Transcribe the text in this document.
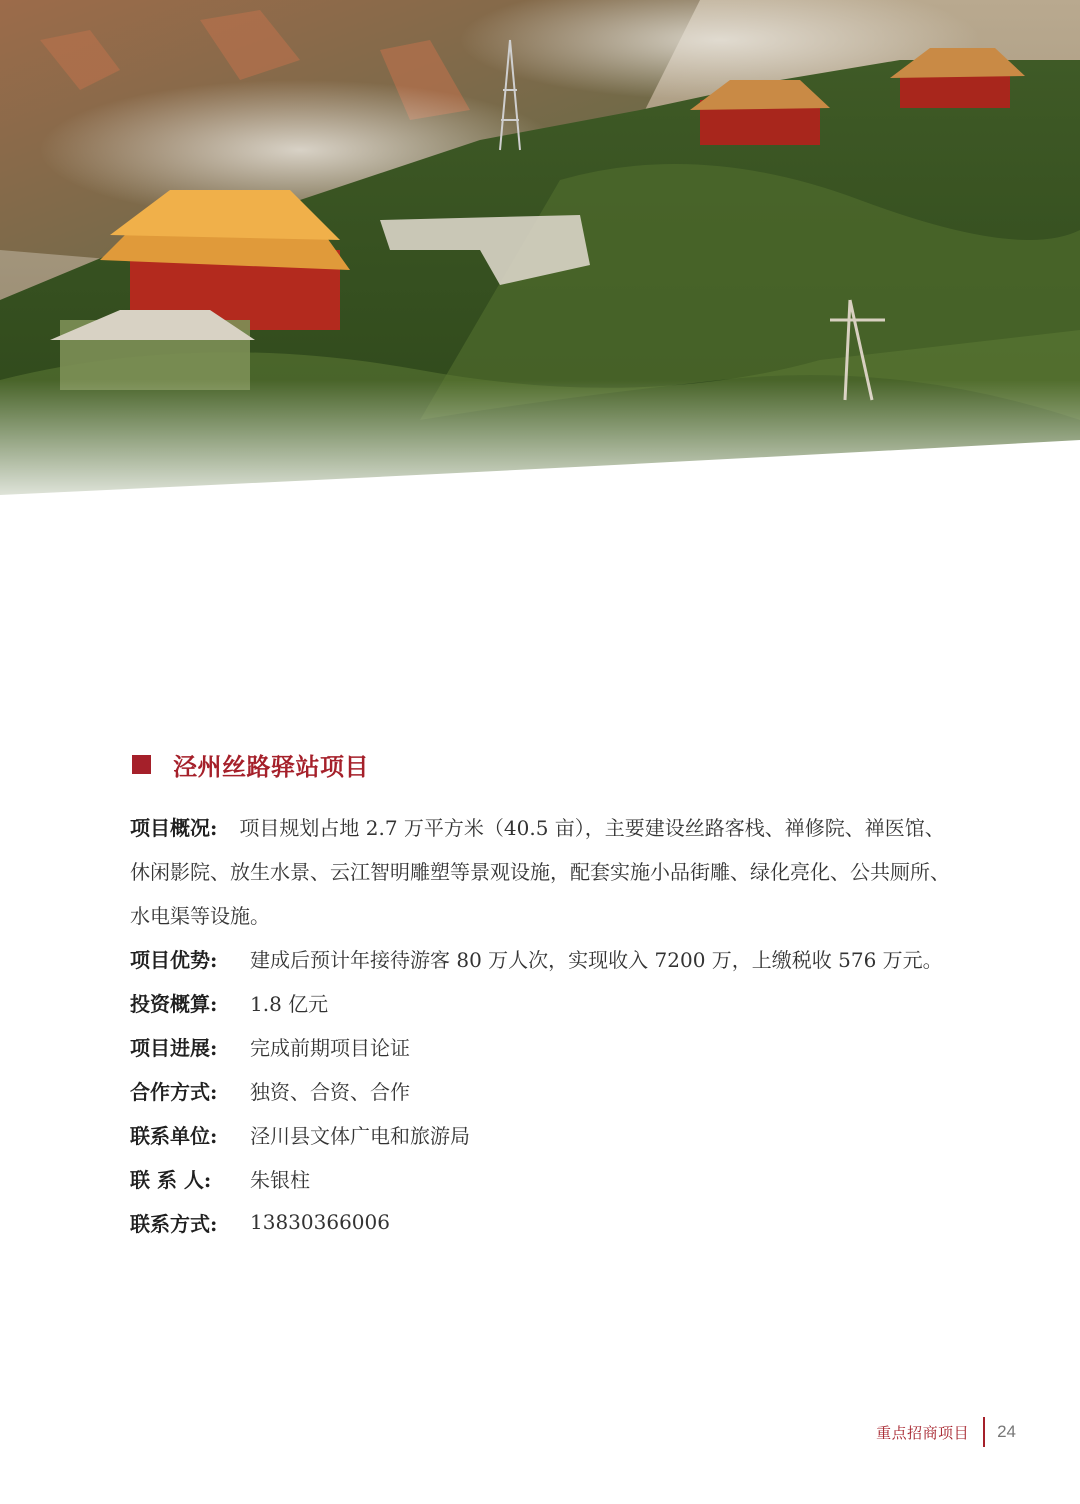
泾州丝路驿站项目
项目概况: 项目规划占地 2.7 万平方米（40.5 亩），主要建设丝路客栈、禅修院、禅医馆、休闲影院、放生水景、云江智明雕塑等景观设施，配套实施小品街雕、绿化亮化、公共厕所、水电渠等设施。
项目优势:	建成后预计年接待游客 80 万人次，实现收入 7200 万，上缴税收 576 万元。
投资概算:	1.8 亿元
项目进展:	完成前期项目论证
合作方式:	独资、合资、合作
联系单位:	泾川县文体广电和旅游局
联 系 人:	朱银柱
联系方式:	13830366006
重点招商项目 24
